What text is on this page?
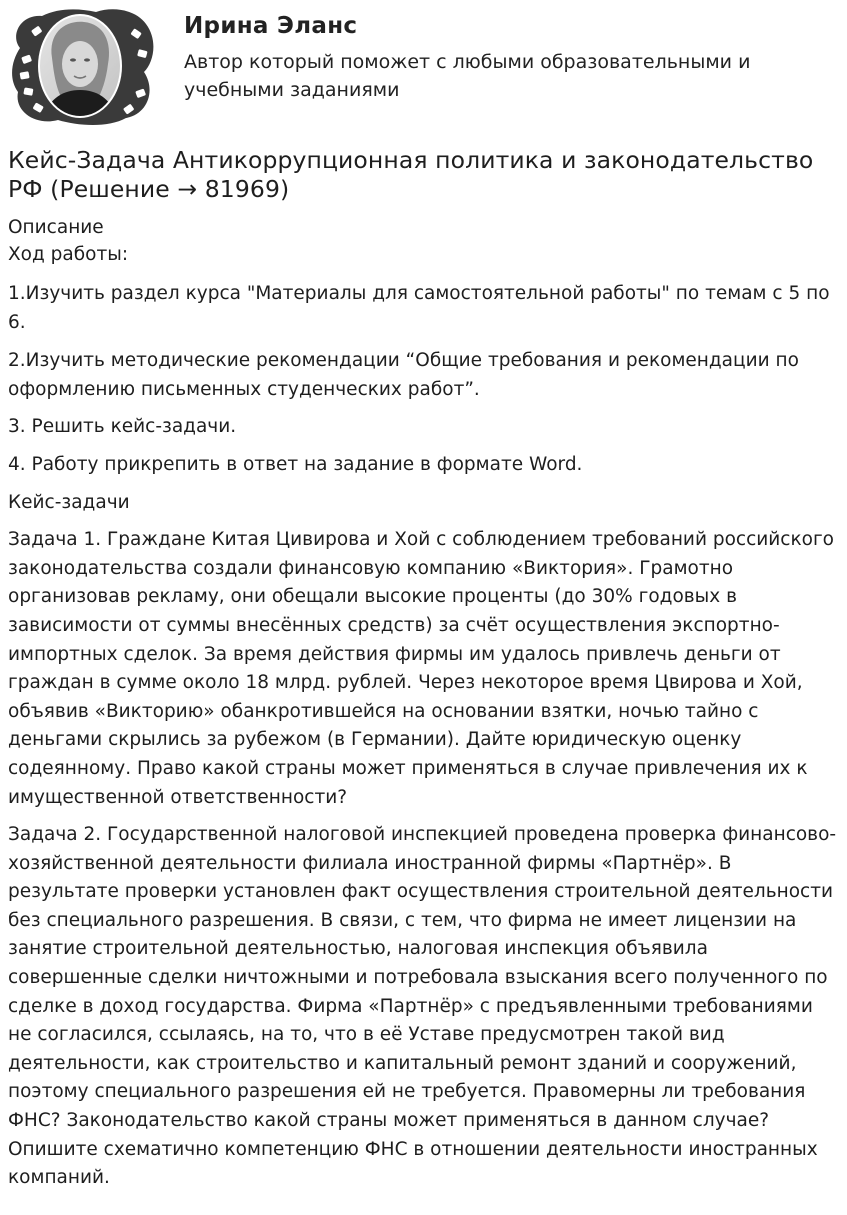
Ирина Эланс
Автор который поможет с любыми образовательными и учебными заданиями
Кейс-Задача Антикоррупционная политика и законодательство РФ (Решение → 81969)
Описание
Ход работы:

1.Изучить раздел курса "Материалы для самостоятельной работы" по темам с 5 по 6.

2.Изучить методические рекомендации “Общие требования и рекомендации по оформлению письменных студенческих работ”.

3. Решить кейс-задачи.

4. Работу прикрепить в ответ на задание в формате Word.

Кейс-задачи

Задача 1. Граждане Китая Цивирова и Хой с соблюдением требований российского законодательства создали финансовую компанию «Виктория». Грамотно организовав рекламу, они обещали высокие проценты (до 30% годовых в зависимости от суммы внесённых средств) за счёт осуществления экспортно-импортных сделок. За время действия фирмы им удалось привлечь деньги от граждан в сумме около 18 млрд. рублей. Через некоторое время Цвирова и Хой, объявив «Викторию» обанкротившейся на основании взятки, ночью тайно с деньгами скрылись за рубежом (в Германии). Дайте юридическую оценку содеянному. Право какой страны может применяться в случае привлечения их к имущественной ответственности?

Задача 2. Государственной налоговой инспекцией проведена проверка финансово-хозяйственной деятельности филиала иностранной фирмы «Партнёр». В результате проверки установлен факт осуществления строительной деятельности без специального разрешения. В связи, с тем, что фирма не имеет лицензии на занятие строительной деятельностью, налоговая инспекция объявила совершенные сделки ничтожными и потребовала взыскания всего полученного по сделке в доход государства. Фирма «Партнёр» с предъявленными требованиями не согласился, ссылаясь, на то, что в её Уставе предусмотрен такой вид деятельности, как строительство и капитальный ремонт зданий и сооружений, поэтому специального разрешения ей не требуется. Правомерны ли требования ФНС? Законодательство какой страны может применяться в данном случае? Опишите схематично компетенцию ФНС в отношении деятельности иностранных компаний.
